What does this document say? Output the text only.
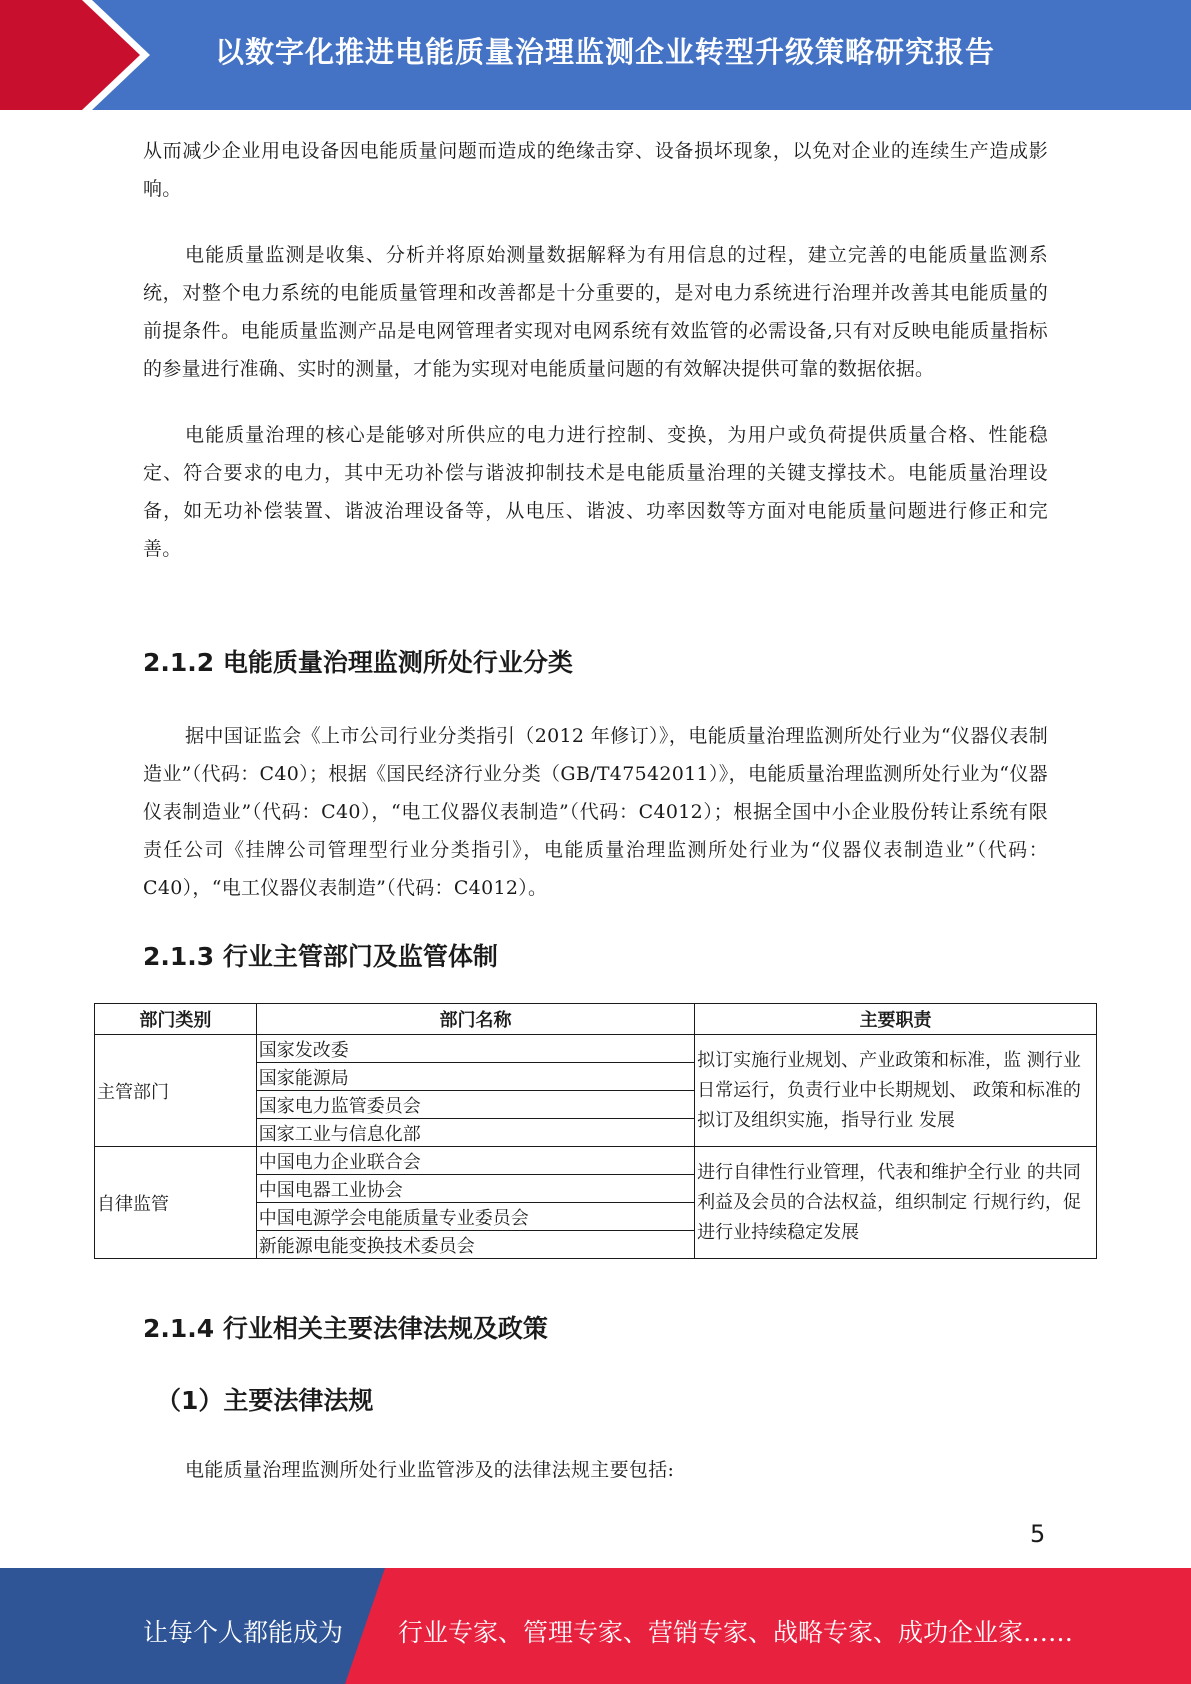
以数字化推进电能质量治理监测企业转型升级策略研究报告

从而减少企业用电设备因电能质量问题而造成的绝缘击穿、设备损坏现象，以免对企业的连续生产造成影响。

电能质量监测是收集、分析并将原始测量数据解释为有用信息的过程，建立完善的电能质量监测系统，对整个电力系统的电能质量管理和改善都是十分重要的，是对电力系统进行治理并改善其电能质量的前提条件。电能质量监测产品是电网管理者实现对电网系统有效监管的必需设备,只有对反映电能质量指标的参量进行准确、实时的测量，才能为实现对电能质量问题的有效解决提供可靠的数据依据。

电能质量治理的核心是能够对所供应的电力进行控制、变换，为用户或负荷提供质量合格、性能稳定、符合要求的电力，其中无功补偿与谐波抑制技术是电能质量治理的关键支撑技术。电能质量治理设备，如无功补偿装置、谐波治理设备等，从电压、谐波、功率因数等方面对电能质量问题进行修正和完善。

2.1.2 电能质量治理监测所处行业分类

据中国证监会《上市公司行业分类指引（2012 年修订）》，电能质量治理监测所处行业为“仪器仪表制造业”（代码：C40）；根据《国民经济行业分类（GB/T47542011）》，电能质量治理监测所处行业为“仪器仪表制造业”（代码：C40），“电工仪器仪表制造”（代码：C4012）；根据全国中小企业股份转让系统有限责任公司《挂牌公司管理型行业分类指引》，电能质量治理监测所处行业为“仪器仪表制造业”（代码：C40），“电工仪器仪表制造”（代码：C4012）。

2.1.3 行业主管部门及监管体制
部门类别	部门名称	主要职责
主管部门	国家发改委	拟订实施行业规划、产业政策和标准，监 测行业日常运行，负责行业中长期规划、 政策和标准的拟订及组织实施，指导行业 发展
	国家能源局	
	国家电力监管委员会	
	国家工业与信息化部	
自律监管	中国电力企业联合会	进行自律性行业管理，代表和维护全行业 的共同利益及会员的合法权益，组织制定 行规行约，促进行业持续稳定发展
	中国电器工业协会	
	中国电源学会电能质量专业委员会	
	新能源电能变换技术委员会	
2.1.4 行业相关主要法律法规及政策
（1）主要法律法规

电能质量治理监测所处行业监管涉及的法律法规主要包括:

5
让每个人都能成为 行业专家、管理专家、营销专家、战略专家、成功企业家……
